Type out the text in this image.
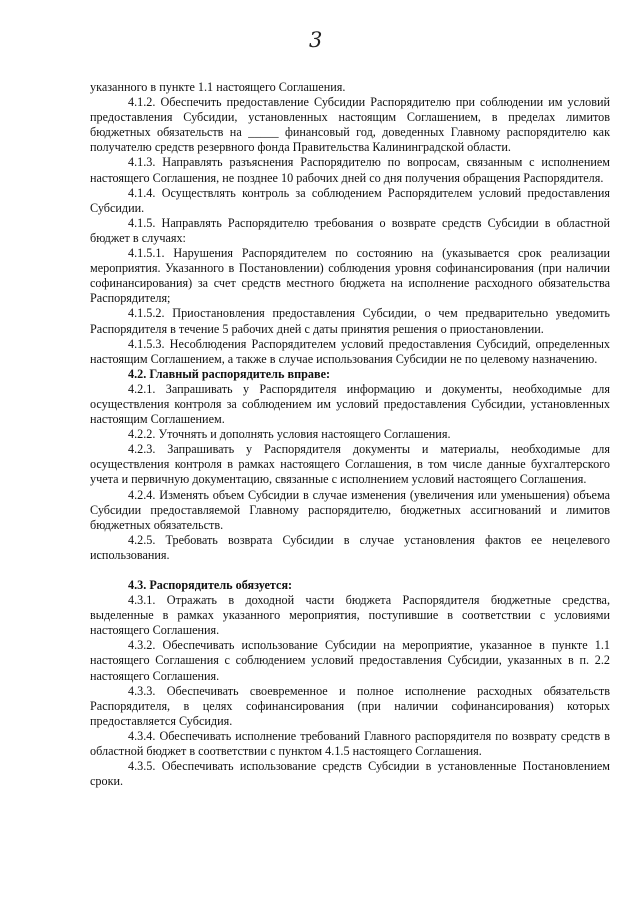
3

указанного в пункте 1.1 настоящего Соглашения.

4.1.2. Обеспечить предоставление Субсидии Распорядителю при соблюдении им условий предоставления Субсидии, установленных настоящим Соглашением, в пределах лимитов бюджетных обязательств на _____ финансовый год, доведенных Главному распорядителю как получателю средств резервного фонда Правительства Калининградской области.

4.1.3. Направлять разъяснения Распорядителю по вопросам, связанным с исполнением настоящего Соглашения, не позднее 10 рабочих дней со дня получения обращения Распорядителя.

4.1.4. Осуществлять контроль за соблюдением Распорядителем условий предоставления Субсидии.

4.1.5. Направлять Распорядителю требования о возврате средств Субсидии в областной бюджет в случаях:

4.1.5.1. Нарушения Распорядителем по состоянию на (указывается срок реализации мероприятия. Указанного в Постановлении) соблюдения уровня софинансирования (при наличии софинансирования) за счет средств местного бюджета на исполнение расходного обязательства Распорядителя;

4.1.5.2. Приостановления предоставления Субсидии, о чем предварительно уведомить Распорядителя в течение 5 рабочих дней с даты принятия решения о приостановлении.

4.1.5.3. Несоблюдения Распорядителем условий предоставления Субсидий, определенных настоящим Соглашением, а также в случае использования Субсидии не по целевому назначению.

4.2. Главный распорядитель вправе:

4.2.1. Запрашивать у Распорядителя информацию и документы, необходимые для осуществления контроля за соблюдением им условий предоставления Субсидии, установленных настоящим Соглашением.

4.2.2. Уточнять и дополнять условия настоящего Соглашения.

4.2.3. Запрашивать у Распорядителя документы и материалы, необходимые для осуществления контроля в рамках настоящего Соглашения, в том числе данные бухгалтерского учета и первичную документацию, связанные с исполнением условий настоящего Соглашения.

4.2.4. Изменять объем Субсидии в случае изменения (увеличения или уменьшения) объема Субсидии предоставляемой Главному распорядителю, бюджетных ассигнований и лимитов бюджетных обязательств.

4.2.5. Требовать возврата Субсидии в случае установления фактов ее нецелевого использования.

4.3. Распорядитель обязуется:

4.3.1. Отражать в доходной части бюджета Распорядителя бюджетные средства, выделенные в рамках указанного мероприятия, поступившие в соответствии с условиями настоящего Соглашения.

4.3.2. Обеспечивать использование Субсидии на мероприятие, указанное в пункте 1.1 настоящего Соглашения с соблюдением условий предоставления Субсидии, указанных в п. 2.2 настоящего Соглашения.

4.3.3. Обеспечивать своевременное и полное исполнение расходных обязательств Распорядителя, в целях софинансирования (при наличии софинансирования) которых предоставляется Субсидия.

4.3.4. Обеспечивать исполнение требований Главного распорядителя по возврату средств в областной бюджет в соответствии с пунктом 4.1.5 настоящего Соглашения.

4.3.5. Обеспечивать использование средств Субсидии в установленные Постановлением сроки.
